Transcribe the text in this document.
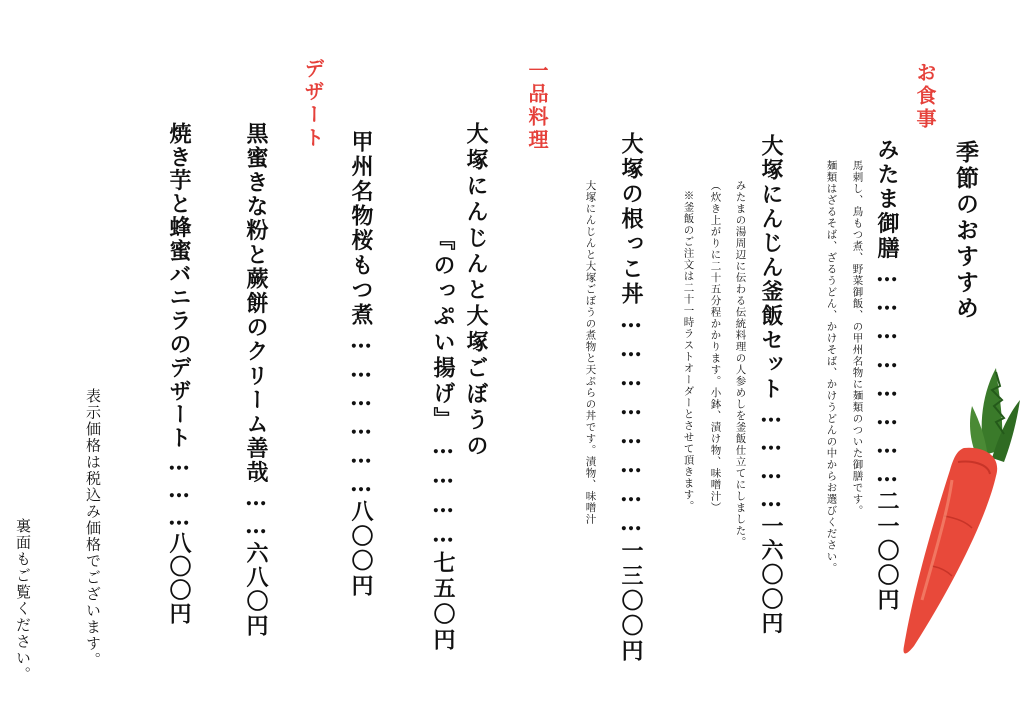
お食事
一品料理
デザート
季節のおすすめ
みたま御膳……………………二一〇〇円
馬刺し、鳥もつ煮、野菜御飯、の甲州名物に麺類のついた御膳です。
麺類はざるそば、ざるうどん、かけそば、かけうどんの中からお選びください。
大塚にんじん釜飯セット…………一六〇〇円
みたまの湯周辺に伝わる伝統料理の人参めしを釜飯仕立てにしました。
（炊き上がりに二十五分程かかります。小鉢、漬け物、味噌汁）
※釜飯のご注文は二十一時ラストオーダーとさせて頂きます。
大塚の根っこ丼……………………一三〇〇円
大塚にんじんと大塚ごぼうの煮物と天ぷらの丼です。漬物、味噌汁
大塚にんじんと大塚ごぼうの
『のっぷい揚げ』…………七五〇円
甲州名物桜もつ煮………………八〇〇円
黒蜜きな粉と蕨餅のクリーム善哉……六八〇円
焼き芋と蜂蜜バニラのデザート………八〇〇円
表示価格は税込み価格でございます。
裏面もご覧ください。
